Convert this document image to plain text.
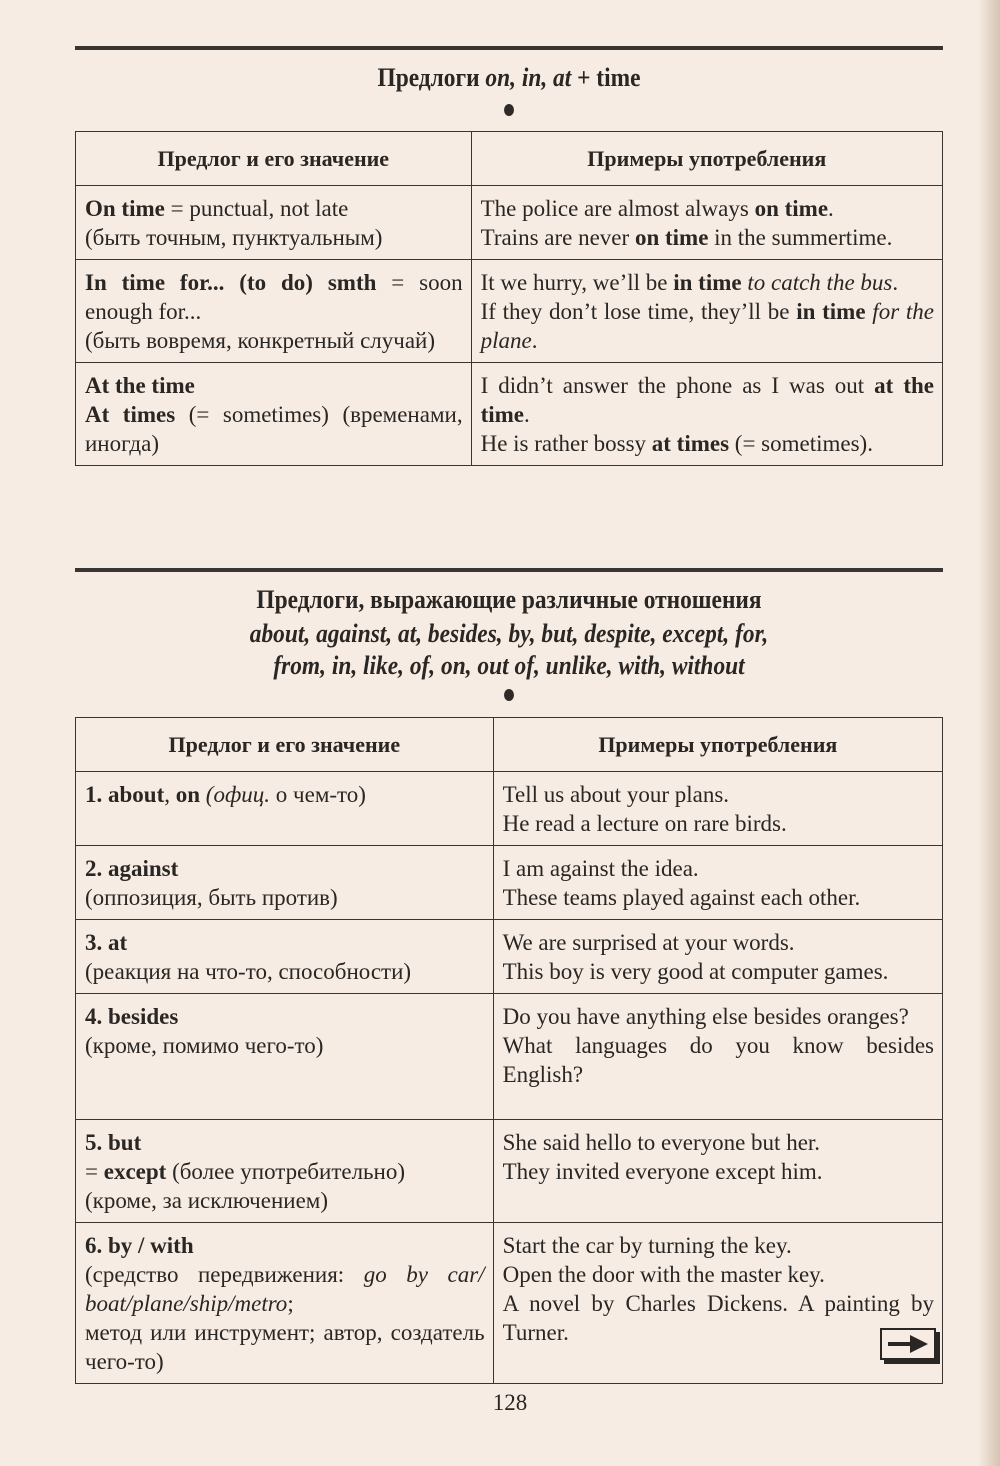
Предлоги on, in, at + time
Предлог и его значение	Примеры употребления

On time = punctual, not late
(быть точным, пунктуальным)	The police are almost always on time.
Trains are never on time in the summertime.

In time for... (to do) smth = soon enough for...
(быть вовремя, конкретный случай)	It we hurry, we’ll be in time to catch the bus.
If they don’t lose time, they’ll be in time for the plane.

At the time
At times (= sometimes) (временами, иногда)	I didn’t answer the phone as I was out at the time.
He is rather bossy at times (= sometimes).
Предлоги, выражающие различные отношения
about, against, at, besides, by, but, despite, except, for,
from, in, like, of, on, out of, unlike, with, without
Предлог и его значение	Примеры употребления

1. about, on (офиц. о чем-то)	Tell us about your plans.
He read a lecture on rare birds.

2. against
(оппозиция, быть против)	I am against the idea.
These teams played against each other.

3. at
(реакция на что-то, способности)	We are surprised at your words.
This boy is very good at computer games.

4. besides
(кроме, помимо чего-то)	Do you have anything else besides oranges?
What languages do you know besides English?

5. but
= except (более употребительно)
(кроме, за исключением)	She said hello to everyone but her.
They invited everyone except him.

6. by / with
(средство передвижения: go by car/ boat/plane/ship/metro;
метод или инструмент; автор, создатель чего-то)	Start the car by turning the key.
Open the door with the master key.
A novel by Charles Dickens. A painting by Turner.
128
